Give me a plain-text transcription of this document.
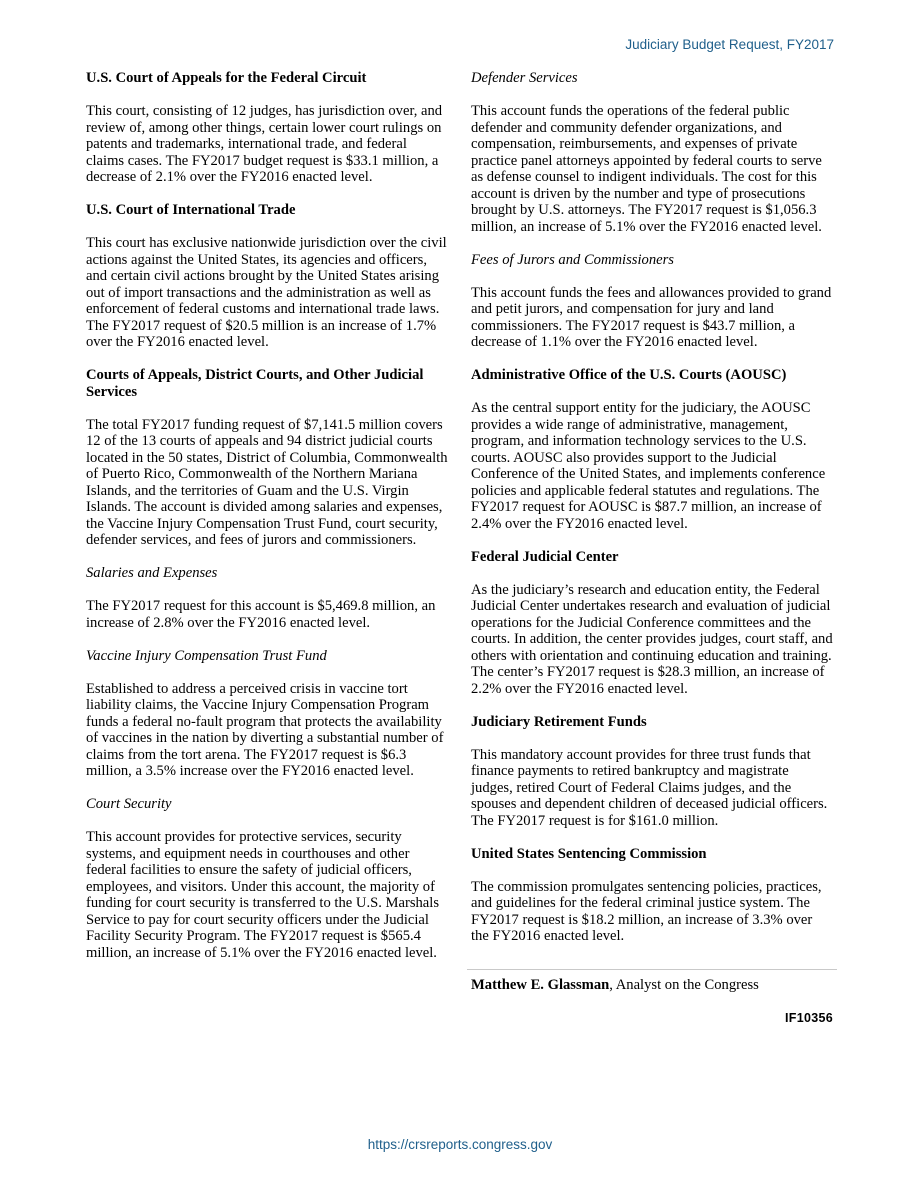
Judiciary Budget Request, FY2017
U.S. Court of Appeals for the Federal Circuit

This court, consisting of 12 judges, has jurisdiction over, and review of, among other things, certain lower court rulings on patents and trademarks, international trade, and federal claims cases. The FY2017 budget request is $33.1 million, a decrease of 2.1% over the FY2016 enacted level.

U.S. Court of International Trade

This court has exclusive nationwide jurisdiction over the civil actions against the United States, its agencies and officers, and certain civil actions brought by the United States arising out of import transactions and the administration as well as enforcement of federal customs and international trade laws. The FY2017 request of $20.5 million is an increase of 1.7% over the FY2016 enacted level.

Courts of Appeals, District Courts, and Other Judicial Services

The total FY2017 funding request of $7,141.5 million covers 12 of the 13 courts of appeals and 94 district judicial courts located in the 50 states, District of Columbia, Commonwealth of Puerto Rico, Commonwealth of the Northern Mariana Islands, and the territories of Guam and the U.S. Virgin Islands. The account is divided among salaries and expenses, the Vaccine Injury Compensation Trust Fund, court security, defender services, and fees of jurors and commissioners.

Salaries and Expenses

The FY2017 request for this account is $5,469.8 million, an increase of 2.8% over the FY2016 enacted level.

Vaccine Injury Compensation Trust Fund

Established to address a perceived crisis in vaccine tort liability claims, the Vaccine Injury Compensation Program funds a federal no-fault program that protects the availability of vaccines in the nation by diverting a substantial number of claims from the tort arena. The FY2017 request is $6.3 million, a 3.5% increase over the FY2016 enacted level.

Court Security

This account provides for protective services, security systems, and equipment needs in courthouses and other federal facilities to ensure the safety of judicial officers, employees, and visitors. Under this account, the majority of funding for court security is transferred to the U.S. Marshals Service to pay for court security officers under the Judicial Facility Security Program. The FY2017 request is $565.4 million, an increase of 5.1% over the FY2016 enacted level.

Defender Services

This account funds the operations of the federal public defender and community defender organizations, and compensation, reimbursements, and expenses of private practice panel attorneys appointed by federal courts to serve as defense counsel to indigent individuals. The cost for this account is driven by the number and type of prosecutions brought by U.S. attorneys. The FY2017 request is $1,056.3 million, an increase of 5.1% over the FY2016 enacted level.

Fees of Jurors and Commissioners

This account funds the fees and allowances provided to grand and petit jurors, and compensation for jury and land commissioners. The FY2017 request is $43.7 million, a decrease of 1.1% over the FY2016 enacted level.

Administrative Office of the U.S. Courts (AOUSC)

As the central support entity for the judiciary, the AOUSC provides a wide range of administrative, management, program, and information technology services to the U.S. courts. AOUSC also provides support to the Judicial Conference of the United States, and implements conference policies and applicable federal statutes and regulations. The FY2017 request for AOUSC is $87.7 million, an increase of 2.4% over the FY2016 enacted level.

Federal Judicial Center

As the judiciary’s research and education entity, the Federal Judicial Center undertakes research and evaluation of judicial operations for the Judicial Conference committees and the courts. In addition, the center provides judges, court staff, and others with orientation and continuing education and training. The center’s FY2017 request is $28.3 million, an increase of 2.2% over the FY2016 enacted level.

Judiciary Retirement Funds

This mandatory account provides for three trust funds that finance payments to retired bankruptcy and magistrate judges, retired Court of Federal Claims judges, and the spouses and dependent children of deceased judicial officers. The FY2017 request is for $161.0 million.

United States Sentencing Commission

The commission promulgates sentencing policies, practices, and guidelines for the federal criminal justice system. The FY2017 request is $18.2 million, an increase of 3.3% over the FY2016 enacted level.

Matthew E. Glassman, Analyst on the Congress

IF10356
https://crsreports.congress.gov
